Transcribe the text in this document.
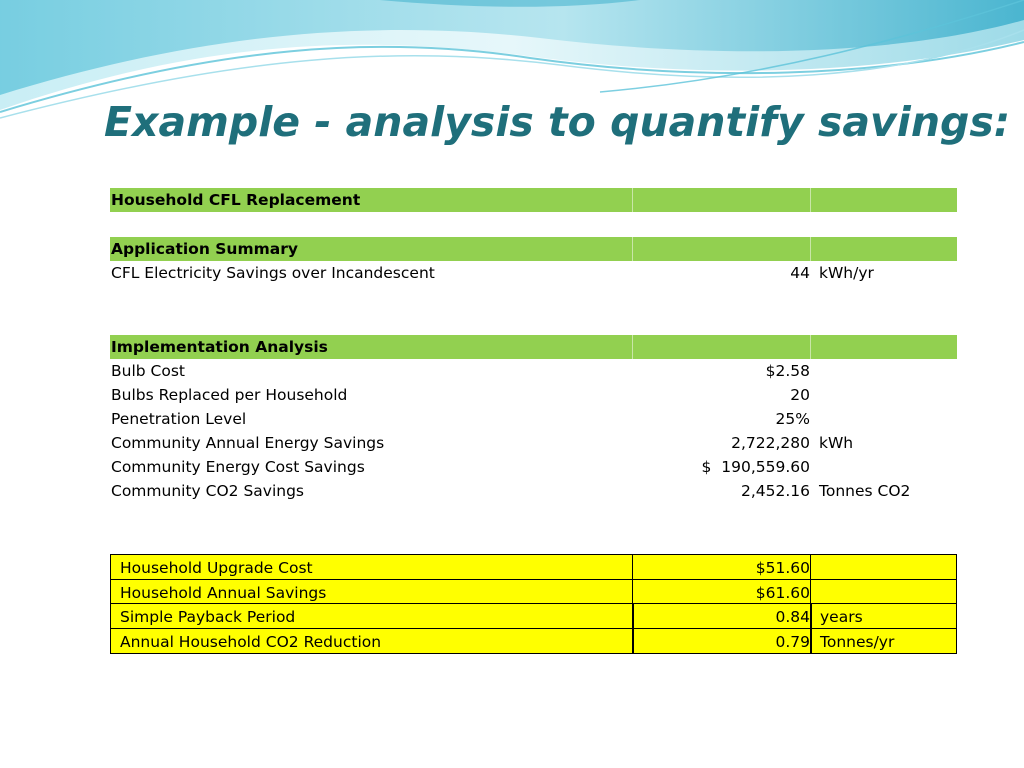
Example - analysis to quantify savings:
Household CFL Replacement
Application Summary
CFL Electricity Savings over Incandescent	44 kWh/yr
Implementation Analysis
Bulb Cost	$2.58
Bulbs Replaced per Household	20
Penetration Level	25%
Community Annual Energy Savings	2,722,280 kWh
Community Energy Cost Savings	$  190,559.60
Community CO2 Savings	2,452.16 Tonnes CO2
Household Upgrade Cost	$51.60
Household Annual Savings	$61.60
Simple Payback Period	0.84 years
Annual Household CO2 Reduction	0.79 Tonnes/yr
